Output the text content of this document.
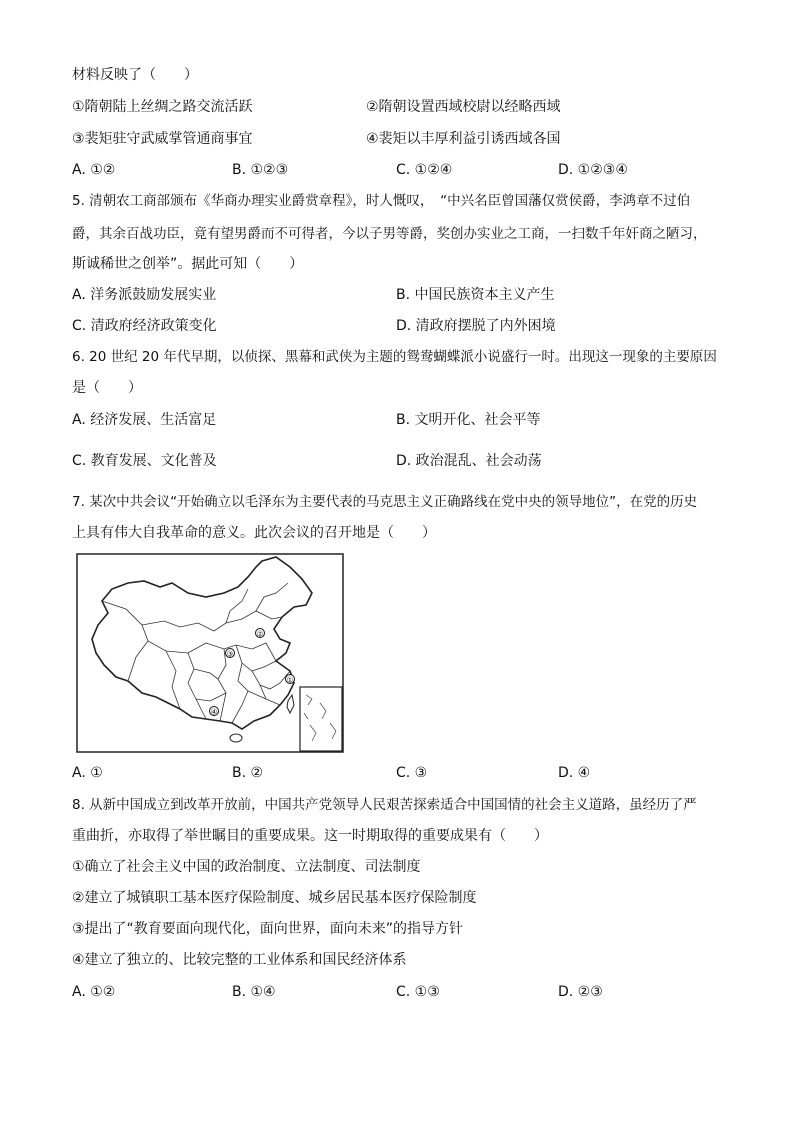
材料反映了（　　）
①隋朝陆上丝绸之路交流活跃	②隋朝设置西域校尉以经略西域
③裴矩驻守武威掌管通商事宜	④裴矩以丰厚利益引诱西域各国
A. ①②	B. ①②③	C. ①②④	D. ①②③④
5. 清朝农工商部颁布《华商办理实业爵赏章程》，时人慨叹，　“中兴名臣曾国藩仅赏侯爵，李鸿章不过伯
爵，其余百战功臣，竟有望男爵而不可得者，今以子男等爵，奖创办实业之工商，一扫数千年奸商之陋习，
斯诚稀世之创举”。据此可知（　　）
A. 洋务派鼓励发展实业	B. 中国民族资本主义产生
C. 清政府经济政策变化	D. 清政府摆脱了内外困境
6. 20 世纪 20 年代早期，以侦探、黑幕和武侠为主题的鸳鸯蝴蝶派小说盛行一时。出现这一现象的主要原因
是（　　）
A. 经济发展、生活富足	B. 文明开化、社会平等
C. 教育发展、文化普及	D. 政治混乱、社会动荡
7. 某次中共会议“开始确立以毛泽东为主要代表的马克思主义正确路线在党中央的领导地位”，在党的历史
上具有伟大自我革命的意义。此次会议的召开地是（　　）
①
②
③
④
A. ①	B. ②	C. ③	D. ④
8. 从新中国成立到改革开放前，中国共产党领导人民艰苦探索适合中国国情的社会主义道路，虽经历了严
重曲折，亦取得了举世瞩目的重要成果。这一时期取得的重要成果有（　　）
①确立了社会主义中国的政治制度、立法制度、司法制度
②建立了城镇职工基本医疗保险制度、城乡居民基本医疗保险制度
③提出了“教育要面向现代化，面向世界，面向未来”的指导方针
④建立了独立的、比较完整的工业体系和国民经济体系
A. ①②	B. ①④	C. ①③	D. ②③
